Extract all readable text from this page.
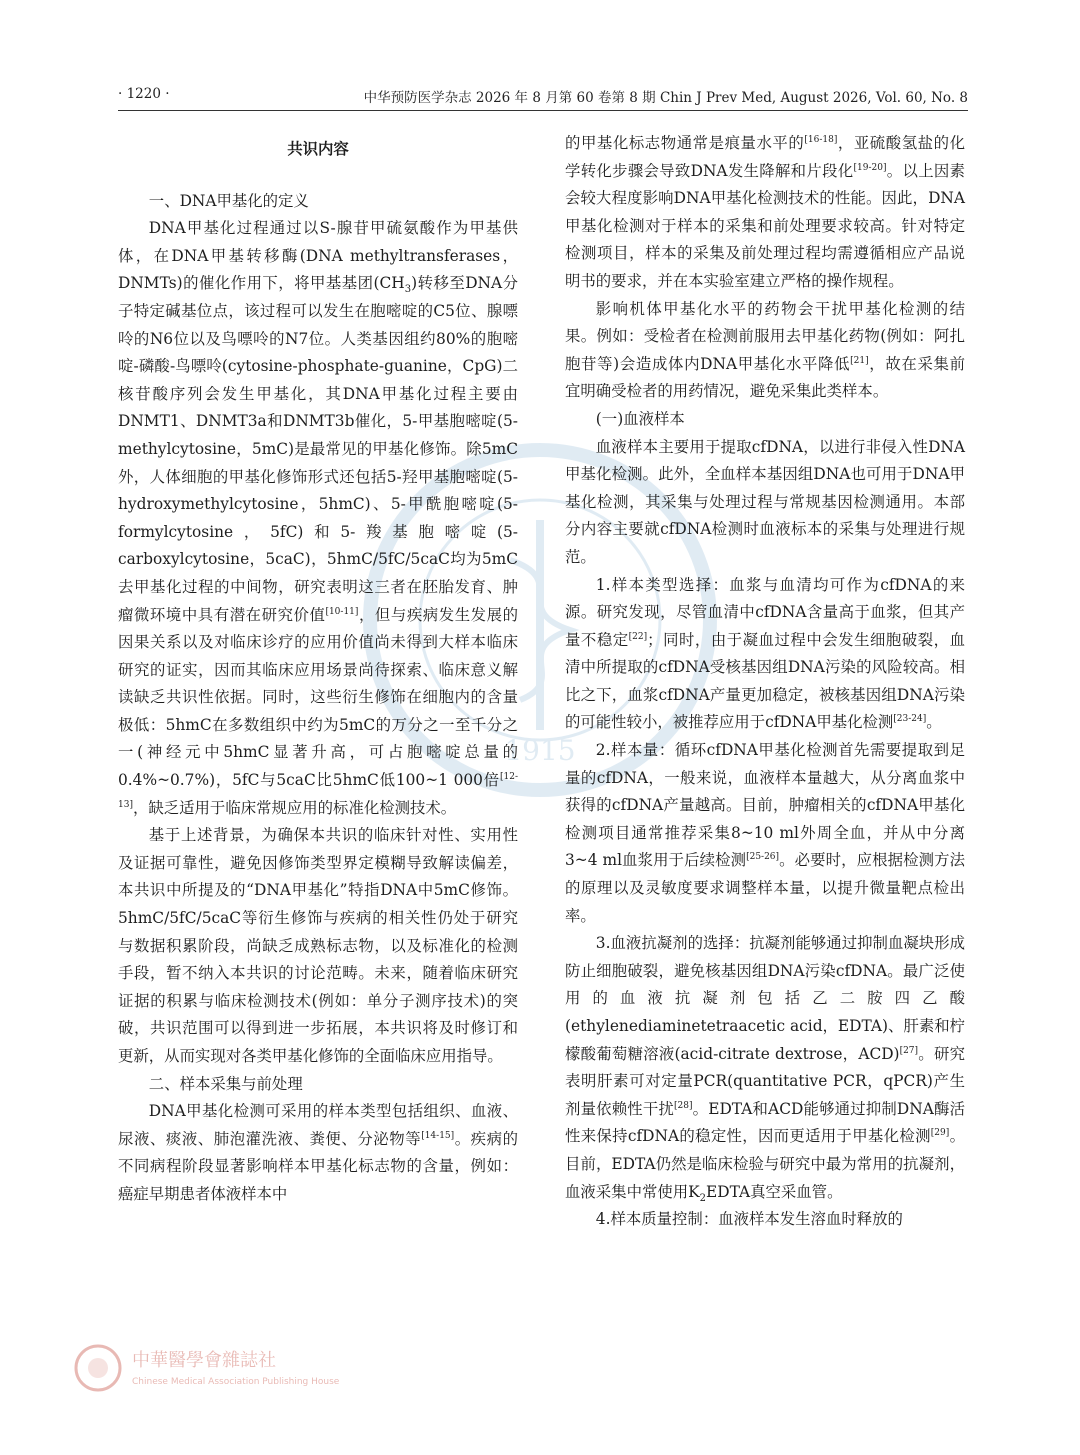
· 1220 ·	中华预防医学杂志 2026 年 8 月第 60 卷第 8 期 Chin J Prev Med, August 2026, Vol. 60, No. 8
1915
共识内容
一、DNA甲基化的定义

DNA甲基化过程通过以S-腺苷甲硫氨酸作为甲基供体，在DNA甲基转移酶(DNA methyltransferases，DNMTs)的催化作用下，将甲基基团$(CH_3)$转移至DNA分子特定碱基位点，该过程可以发生在胞嘧啶的C5位、腺嘌呤的N6位以及鸟嘌呤的N7位。人类基因组约80%的胞嘧啶-磷酸-鸟嘌呤(cytosine-phosphate-guanine，CpG)二核苷酸序列会发生甲基化，其DNA甲基化过程主要由DNMT1、DNMT3a和DNMT3b催化，5-甲基胞嘧啶(5-methylcytosine，5mC)是最常见的甲基化修饰。除5mC外，人体细胞的甲基化修饰形式还包括5-羟甲基胞嘧啶(5-hydroxymethylcytosine，5hmC)、5-甲酰胞嘧啶(5-formylcytosine，5fC)和5-羧基胞嘧啶(5-carboxylcytosine，5caC)，5hmC/5fC/5caC均为5mC去甲基化过程的中间物，研究表明这三者在胚胎发育、肿瘤微环境中具有潜在研究价值[10-11]，但与疾病发生发展的因果关系以及对临床诊疗的应用价值尚未得到大样本临床研究的证实，因而其临床应用场景尚待探索、临床意义解读缺乏共识性依据。同时，这些衍生修饰在细胞内的含量极低：5hmC在多数组织中约为5mC的万分之一至千分之一(神经元中5hmC显著升高，可占胞嘧啶总量的0.4%~0.7%)，5fC与5caC比5hmC低100~1 000倍[12-13]，缺乏适用于临床常规应用的标准化检测技术。

基于上述背景，为确保本共识的临床针对性、实用性及证据可靠性，避免因修饰类型界定模糊导致解读偏差，本共识中所提及的“DNA甲基化”特指DNA中5mC修饰。5hmC/5fC/5caC等衍生修饰与疾病的相关性仍处于研究与数据积累阶段，尚缺乏成熟标志物，以及标准化的检测手段，暂不纳入本共识的讨论范畴。未来，随着临床研究证据的积累与临床检测技术(例如：单分子测序技术)的突破，共识范围可以得到进一步拓展，本共识将及时修订和更新，从而实现对各类甲基化修饰的全面临床应用指导。

二、样本采集与前处理

DNA甲基化检测可采用的样本类型包括组织、血液、尿液、痰液、肺泡灌洗液、粪便、分泌物等[14-15]。疾病的不同病程阶段显著影响样本甲基化标志物的含量，例如：癌症早期患者体液样本中

的甲基化标志物通常是痕量水平的[16-18]，亚硫酸氢盐的化学转化步骤会导致DNA发生降解和片段化[19-20]。以上因素会较大程度影响DNA甲基化检测技术的性能。因此，DNA甲基化检测对于样本的采集和前处理要求较高。针对特定检测项目，样本的采集及前处理过程均需遵循相应产品说明书的要求，并在本实验室建立严格的操作规程。

影响机体甲基化水平的药物会干扰甲基化检测的结果。例如：受检者在检测前服用去甲基化药物(例如：阿扎胞苷等)会造成体内DNA甲基化水平降低[21]，故在采集前宜明确受检者的用药情况，避免采集此类样本。

(一)血液样本

血液样本主要用于提取cfDNA，以进行非侵入性DNA甲基化检测。此外，全血样本基因组DNA也可用于DNA甲基化检测，其采集与处理过程与常规基因检测通用。本部分内容主要就cfDNA检测时血液标本的采集与处理进行规范。

1.样本类型选择：血浆与血清均可作为cfDNA的来源。研究发现，尽管血清中cfDNA含量高于血浆，但其产量不稳定[22]；同时，由于凝血过程中会发生细胞破裂，血清中所提取的cfDNA受核基因组DNA污染的风险较高。相比之下，血浆cfDNA产量更加稳定，被核基因组DNA污染的可能性较小，被推荐应用于cfDNA甲基化检测[23-24]。

2.样本量：循环cfDNA甲基化检测首先需要提取到足量的cfDNA，一般来说，血液样本量越大，从分离血浆中获得的cfDNA产量越高。目前，肿瘤相关的cfDNA甲基化检测项目通常推荐采集8~10 ml外周全血，并从中分离3~4 ml血浆用于后续检测[25-26]。必要时，应根据检测方法的原理以及灵敏度要求调整样本量，以提升微量靶点检出率。

3.血液抗凝剂的选择：抗凝剂能够通过抑制血凝块形成防止细胞破裂，避免核基因组DNA污染cfDNA。最广泛使用的血液抗凝剂包括乙二胺四乙酸(ethylenediaminetetraacetic acid，EDTA)、肝素和柠檬酸葡萄糖溶液(acid-citrate dextrose，ACD)[27]。研究表明肝素可对定量PCR(quantitative PCR，qPCR)产生剂量依赖性干扰[28]。EDTA和ACD能够通过抑制DNA酶活性来保持cfDNA的稳定性，因而更适用于甲基化检测[29]。目前，EDTA仍然是临床检验与研究中最为常用的抗凝剂，血液采集中常使用$K_2EDTA$真空采血管。

4.样本质量控制：血液样本发生溶血时释放的

中華醫學會雜誌社
Chinese Medical Association Publishing House
